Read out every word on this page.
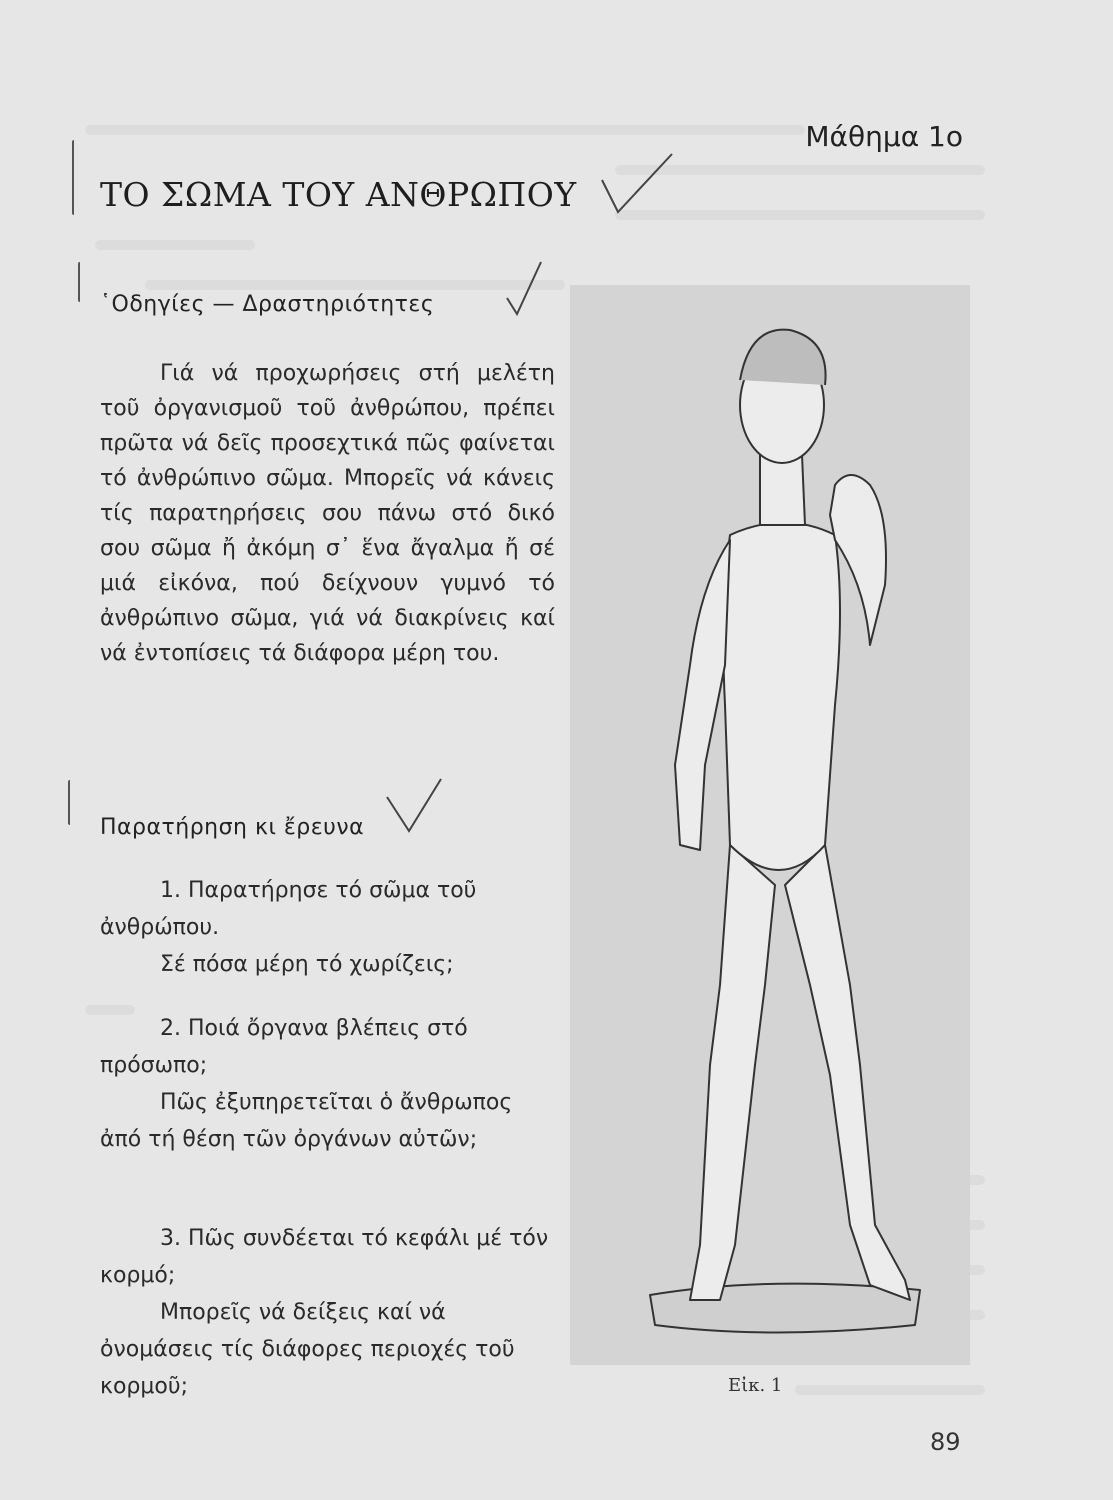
Μάθημα 1ο
ΤΟ ΣΩΜΑ ΤΟΥ ΑΝΘΡΩΠΟΥ
῾Οδηγίες — Δραστηριότητες

Γιά νά προχωρήσεις στή μελέτη τοῦ ὀργανισμοῦ τοῦ ἀνθρώπου, πρέπει πρῶτα νά δεῖς προσεχτικά πῶς φαίνεται τό ἀνθρώπινο σῶμα. Μπορεῖς νά κάνεις τίς παρατηρήσεις σου πάνω στό δικό σου σῶμα ἤ ἀκόμη σ᾽ ἕνα ἄγαλμα ἤ σέ μιά εἰκόνα, πού δείχνουν γυμνό τό ἀνθρώπινο σῶμα, γιά νά διακρίνεις καί νά ἐντοπίσεις τά διάφορα μέρη του.

Παρατήρηση κι ἔρευνα

1. Παρατήρησε τό σῶμα τοῦ ἀνθρώπου.

Σέ πόσα μέρη τό χωρίζεις;

2. Ποιά ὄργανα βλέπεις στό πρόσωπο;

Πῶς ἐξυπηρετεῖται ὁ ἄνθρωπος ἀπό τή θέση τῶν ὀργάνων αὐτῶν;

3. Πῶς συνδέεται τό κεφάλι μέ τόν κορμό;

Μπορεῖς νά δείξεις καί νά ὀνομάσεις τίς διάφορες περιοχές τοῦ κορμοῦ;	Εἰκ. 1
89
